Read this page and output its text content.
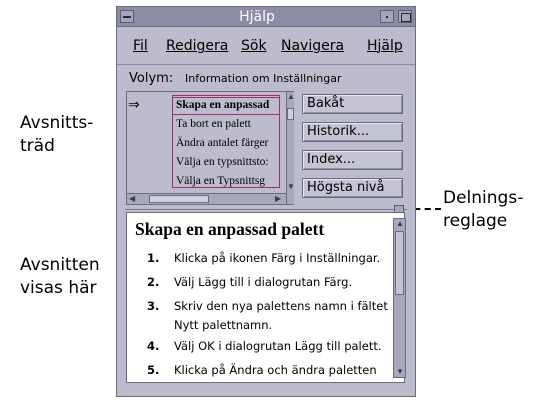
Avsnitts-
träd
Avsnitten
visas här
Delnings-
reglage
Hjälp
Fil Redigera Sök Navigera Hjälp
Volym: Information om Inställningar
⇒	Skapa en anpassad
Ta bort en palett
Ändra antalet färger
Välja en typsnittsto:
Välja en Typsnittsg
▲
▼
◀	▶
Bakåt
Historik...
Index...
Högsta nivå
Skapa en anpassad palett
1. Klicka på ikonen Färg i Inställningar.
2. Välj Lägg till i dialogrutan Färg.
3. Skriv den nya palettens namn i fältet Nytt palettnamn.
4. Välj OK i dialogrutan Lägg till palett.
5. Klicka på Ändra och ändra paletten
▲
▼
